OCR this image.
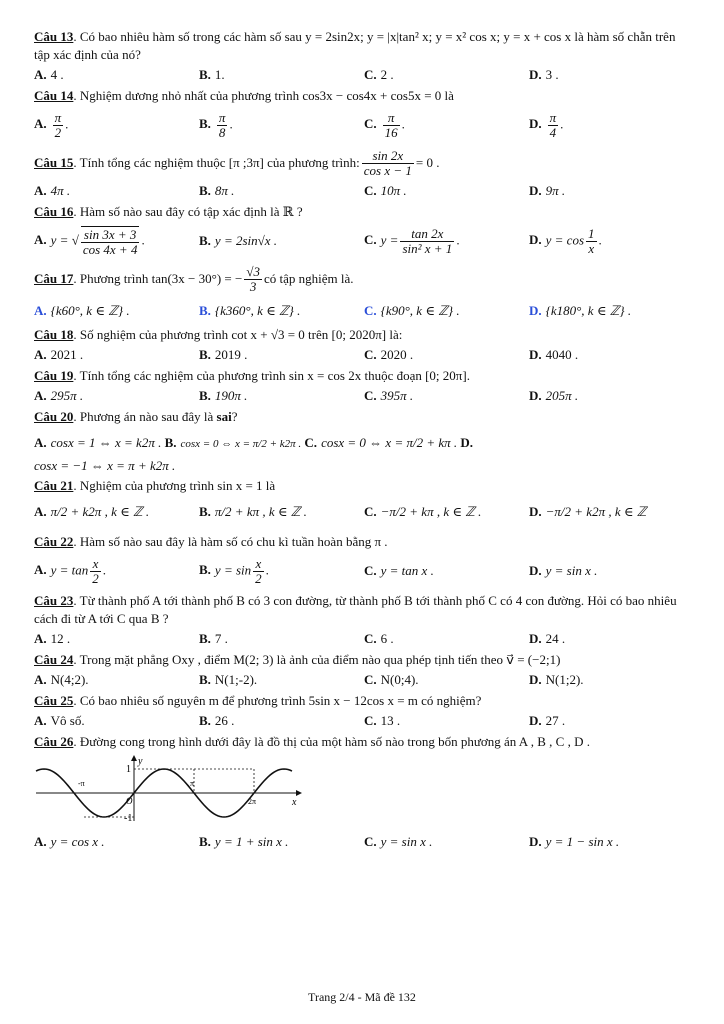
Câu 13. Có bao nhiêu hàm số trong các hàm số sau y = 2sin2x; y = |x|tan² x; y = x² cos x; y = x + cos x là hàm số chẵn trên tập xác định của nó?
A. 4 .	B. 1.	C. 2 .	D. 3 .
Câu 14. Nghiệm dương nhỏ nhất của phương trình cos3x − cos4x + cos5x = 0 là
A. $\frac{\pi}{2}$ .	B. $\frac{\pi}{8}$ .	C. $\frac{\pi}{16}$ .	D. $\frac{\pi}{4}$ .
Câu 15 . Tính tổng các nghiệm thuộc [π ;3π] của phương trình: $\frac{\sin 2x}{\text{cos x − 1}} = 0$ .
A. 4π .	B. 8π .	C. 10π .	D. 9π .
Câu 16. Hàm số nào sau đây có tập xác định là ℝ ?
A. y = √ $\frac{\sin 3x + 3}{\cos 4x + 4}$ .	B. y = 2sin√x .	C. $y = \frac{\tan 2x}{\text{sin² x + 1}}$ .	D. $y = \cos \frac{1}{x}$ .
Câu 17 . Phương trình tan(3x − 30°) = − $\frac{√3}{3}$ có tập nghiệm là.
A. {k60°, k ∈ ℤ} .	B. {k360°, k ∈ ℤ} .	C. {k90°, k ∈ ℤ} .	D. {k180°, k ∈ ℤ} .
Câu 18. Số nghiệm của phương trình cot x + √3 = 0 trên [0; 2020π] là:
A. 2021 .	B. 2019 .	C. 2020 .	D. 4040 .
Câu 19. Tính tổng các nghiệm của phương trình sin x = cos 2x thuộc đoạn [0; 20π].
A. 295π .	B. 190π .	C. 395π .	D. 205π .
Câu 20. Phương án nào sau đây là sai?
A. cosx = 1 ⇔ x = k2π . B. cosx = 0 ⇔ x = π/2 + k2π . C. cosx = 0 ⇔ x = π/2 + kπ . D.
cosx = −1 ⇔ x = π + k2π .
Câu 21. Nghiệm của phương trình sin x = 1 là
A. π/2 + k2π , k ∈ ℤ .	B. π/2 + kπ , k ∈ ℤ .	C. −π/2 + kπ , k ∈ ℤ .	D. −π/2 + k2π , k ∈ ℤ
Câu 22. Hàm số nào sau đây là hàm số có chu kì tuần hoàn bằng π .
A. $y = \tan \frac{x}{2}$ .	B. $y = \sin \frac{x}{2}$ .	C. y = tan x .	D. y = sin x .
Câu 23. Từ thành phố A tới thành phố B có 3 con đường, từ thành phố B tới thành phố C có 4 con đường. Hỏi có bao nhiêu cách đi từ A tới C qua B ?
A. 12 .	B. 7 .	C. 6 .	D. 24 .
Câu 24. Trong mặt phẳng Oxy , điểm M(2; 3) là ảnh của điểm nào qua phép tịnh tiến theo v⃗ = (−2;1)
A. N(4;2).	B. N(1;-2).	C. N(0;4).	D. N(1;2).
Câu 25. Có bao nhiêu số nguyên m để phương trình 5sin x − 12cos x = m có nghiệm?
A. Vô số.	B. 26 .	C. 13 .	D. 27 .
Câu 26. Đường cong trong hình dưới đây là đồ thị của một hàm số nào trong bốn phương án A , B , C , D .
y
1
-1
-π
O
π
2π	x
A. y = cos x .	B. y = 1 + sin x .	C. y = sin x .	D. y = 1 − sin x .
Trang 2/4 - Mã đề 132
